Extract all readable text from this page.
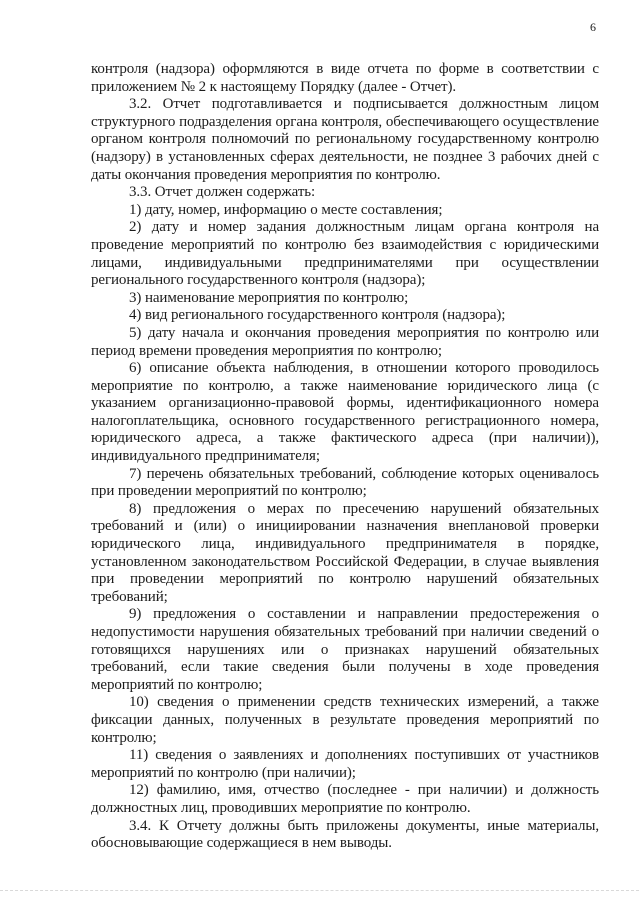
6

контроля (надзора) оформляются в виде отчета по форме в соответствии с приложением № 2 к настоящему Порядку (далее - Отчет).

3.2. Отчет подготавливается и подписывается должностным лицом структурного подразделения органа контроля, обеспечивающего осуществление органом контроля полномочий по региональному государственному контролю (надзору) в установленных сферах деятельности, не позднее 3 рабочих дней с даты окончания проведения мероприятия по контролю.

3.3. Отчет должен содержать:

1) дату, номер, информацию о месте составления;

2) дату и номер задания должностным лицам органа контроля на проведение мероприятий по контролю без взаимодействия с юридическими лицами, индивидуальными предпринимателями при осуществлении регионального государственного контроля (надзора);

3) наименование мероприятия по контролю;

4) вид регионального государственного контроля (надзора);

5) дату начала и окончания проведения мероприятия по контролю или период времени проведения мероприятия по контролю;

6) описание объекта наблюдения, в отношении которого проводилось мероприятие по контролю, а также наименование юридического лица (с указанием организационно-правовой формы, идентификационного номера налогоплательщика, основного государственного регистрационного номера, юридического адреса, а также фактического адреса (при наличии)), индивидуального предпринимателя;

7) перечень обязательных требований, соблюдение которых оценивалось при проведении мероприятий по контролю;

8) предложения о мерах по пресечению нарушений обязательных требований и (или) о инициировании назначения внеплановой проверки юридического лица, индивидуального предпринимателя в порядке, установленном законодательством Российской Федерации, в случае выявления при проведении мероприятий по контролю нарушений обязательных требований;

9) предложения о составлении и направлении предостережения о недопустимости нарушения обязательных требований при наличии сведений о готовящихся нарушениях или о признаках нарушений обязательных требований, если такие сведения были получены в ходе проведения мероприятий по контролю;

10) сведения о применении средств технических измерений, а также фиксации данных, полученных в результате проведения мероприятий по контролю;

11) сведения о заявлениях и дополнениях поступивших от участников мероприятий по контролю (при наличии);

12) фамилию, имя, отчество (последнее - при наличии) и должность должностных лиц, проводивших мероприятие по контролю.

3.4. К Отчету должны быть приложены документы, иные материалы, обосновывающие содержащиеся в нем выводы.
